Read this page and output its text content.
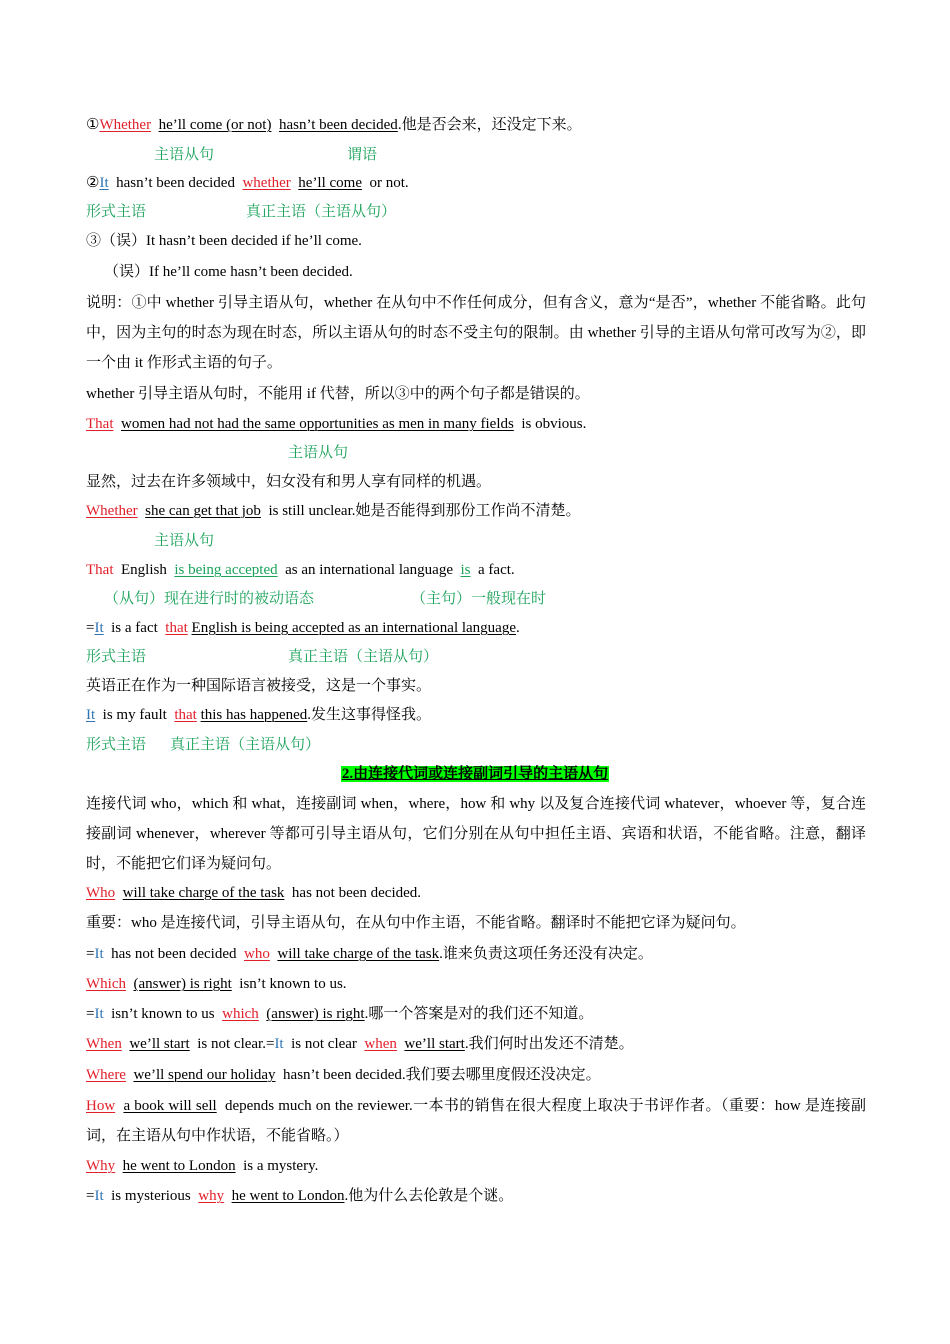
①Whether he’ll come (or not) hasn’t been decided.他是否会来，还没定下来。
主语从句	谓语
②It hasn’t been decided whether he’ll come or not.
形式主语	真正主语（主语从句）
③（误）It hasn’t been decided if he’ll come.
（误）If he’ll come hasn’t been decided.
说明：①中 whether 引导主语从句，whether 在从句中不作任何成分，但有含义，意为“是否”，whether 不能省略。此句中，因为主句的时态为现在时态，所以主语从句的时态不受主句的限制。由 whether 引导的主语从句常可改写为②，即一个由 it 作形式主语的句子。
whether 引导主语从句时，不能用 if 代替，所以③中的两个句子都是错误的。
That women had not had the same opportunities as men in many fields is obvious.
主语从句
显然，过去在许多领域中，妇女没有和男人享有同样的机遇。
Whether she can get that job is still unclear.她是否能得到那份工作尚不清楚。
主语从句
That English is being accepted as an international language is a fact.
（从句）现在进行时的被动语态	（主句）一般现在时
=It is a fact that English is being accepted as an international language.
形式主语	真正主语（主语从句）
英语正在作为一种国际语言被接受，这是一个事实。
It is my fault that this has happened.发生这事得怪我。
形式主语	真正主语（主语从句）
2.由连接代词或连接副词引导的主语从句
连接代词 who，which 和 what，连接副词 when，where，how 和 why 以及复合连接代词 whatever，whoever 等，复合连接副词 whenever，wherever 等都可引导主语从句，它们分别在从句中担任主语、宾语和状语，不能省略。注意，翻译时，不能把它们译为疑问句。
Who will take charge of the task has not been decided.
重要：who 是连接代词，引导主语从句，在从句中作主语，不能省略。翻译时不能把它译为疑问句。
=It has not been decided who will take charge of the task.谁来负责这项任务还没有决定。
Which (answer) is right isn’t known to us.
=It isn’t known to us which (answer) is right.哪一个答案是对的我们还不知道。
When we’ll start is not clear.=It is not clear when we’ll start.我们何时出发还不清楚。
Where we’ll spend our holiday hasn’t been decided.我们要去哪里度假还没决定。
How a book will sell depends much on the reviewer.一本书的销售在很大程度上取决于书评作者。（重要：how 是连接副词，在主语从句中作状语，不能省略。）
Why he went to London is a mystery.
=It is mysterious why he went to London.他为什么去伦敦是个谜。
